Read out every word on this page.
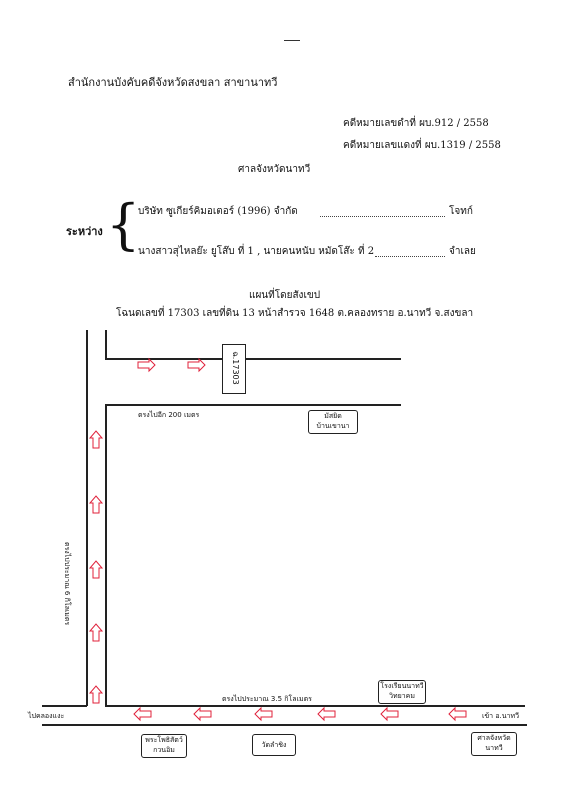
สำนักงานบังคับคดีจังหวัดสงขลา สาขานาทวี
คดีหมายเลขดำที่ ผบ.912 / 2558
คดีหมายเลขแดงที่ ผบ.1319 / 2558
ศาลจังหวัดนาทวี
ระหว่าง {
บริษัท ซูเกียร์คิมอเตอร์ (1996) จำกัด	โจทก์
นางสาวสุไหลย๊ะ ยูโส๊บ ที่ 1 , นายคนหนับ หมัดโส๊ะ ที่ 2	จำเลย
แผนที่โดยสังเขป
โฉนดเลขที่ 17303 เลขที่ดิน 13 หน้าสำรวจ 1648 ต.คลองทราย อ.นาทวี จ.สงขลา
ฉ.17303
ตรงไปอีก 200 เมตร	มัสยิด
บ้านเขานา
ตรงไปประมาณ 6 กิโลเมตร
โรงเรียนนาทวี
วิทยาคม
ตรงไปประมาณ 3.5 กิโลเมตร
ไปคลองแงะ	เข้า อ.นาทวี
พระโพธิสัตว์
กวนอิม
วัดลำชิง
ศาลจังหวัด
นาทวี
